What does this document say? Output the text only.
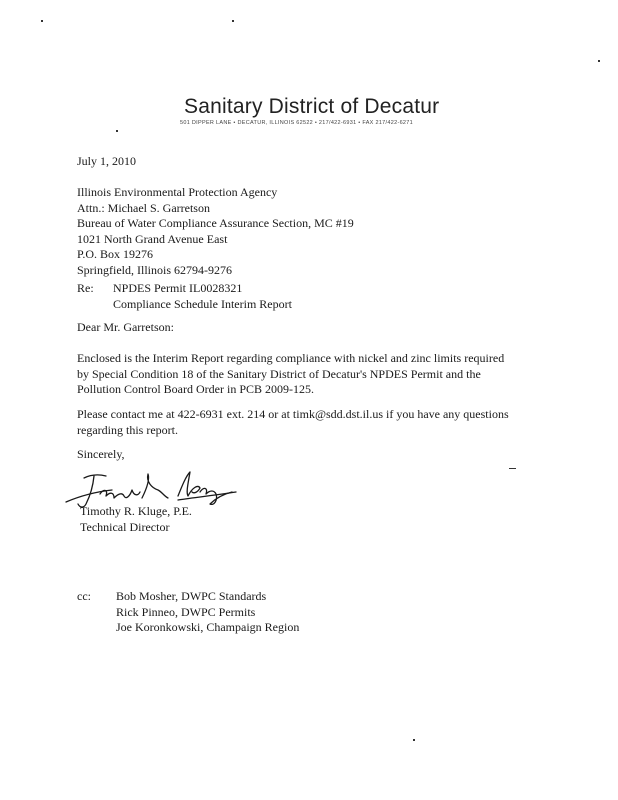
Sanitary District of Decatur
501 DIPPER LANE • DECATUR, ILLINOIS 62522 • 217/422-6931 • FAX 217/422-6271
July 1, 2010
Illinois Environmental Protection Agency
Attn.: Michael S. Garretson
Bureau of Water Compliance Assurance Section, MC #19
1021 North Grand Avenue East
P.O. Box 19276
Springfield, Illinois 62794-9276
Re: NPDES Permit IL0028321
Compliance Schedule Interim Report
Dear Mr. Garretson:
Enclosed is the Interim Report regarding compliance with nickel and zinc limits required
by Special Condition 18 of the Sanitary District of Decatur's NPDES Permit and the
Pollution Control Board Order in PCB 2009-125.
Please contact me at 422-6931 ext. 214 or at timk@sdd.dst.il.us if you have any questions
regarding this report.
Sincerely,
Timothy R. Kluge, P.E.
Technical Director
cc: Bob Mosher, DWPC Standards
Rick Pinneo, DWPC Permits
Joe Koronkowski, Champaign Region
